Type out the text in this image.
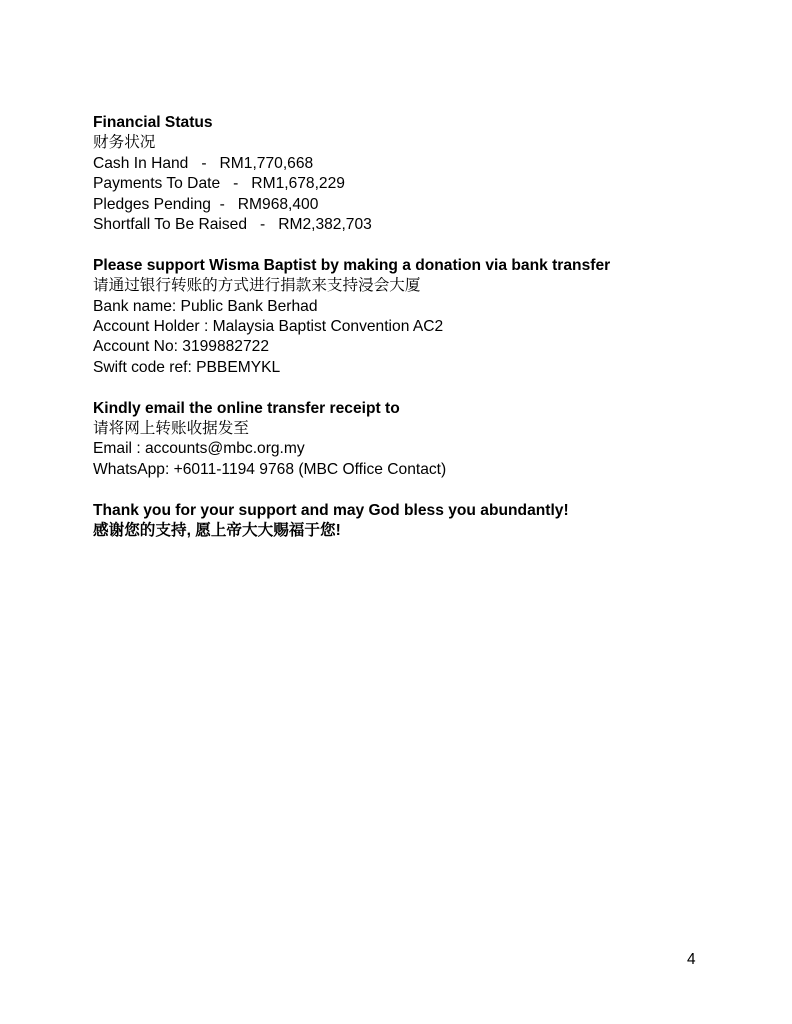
Financial Status

财务状况

Cash In Hand   -   RM1,770,668

Payments To Date   -   RM1,678,229

Pledges Pending  -   RM968,400

Shortfall To Be Raised   -   RM2,382,703

Please support Wisma Baptist by making a donation via bank transfer

请通过银行转账的方式进行捐款来支持浸会大厦

Bank name: Public Bank Berhad

Account Holder : Malaysia Baptist Convention AC2

Account No: 3199882722

Swift code ref: PBBEMYKL

Kindly email the online transfer receipt to

请将网上转账收据发至

Email : accounts@mbc.org.my

WhatsApp: +6011-1194 9768 (MBC Office Contact)

Thank you for your support and may God bless you abundantly!

感谢您的支持, 愿上帝大大赐福于您!

4
